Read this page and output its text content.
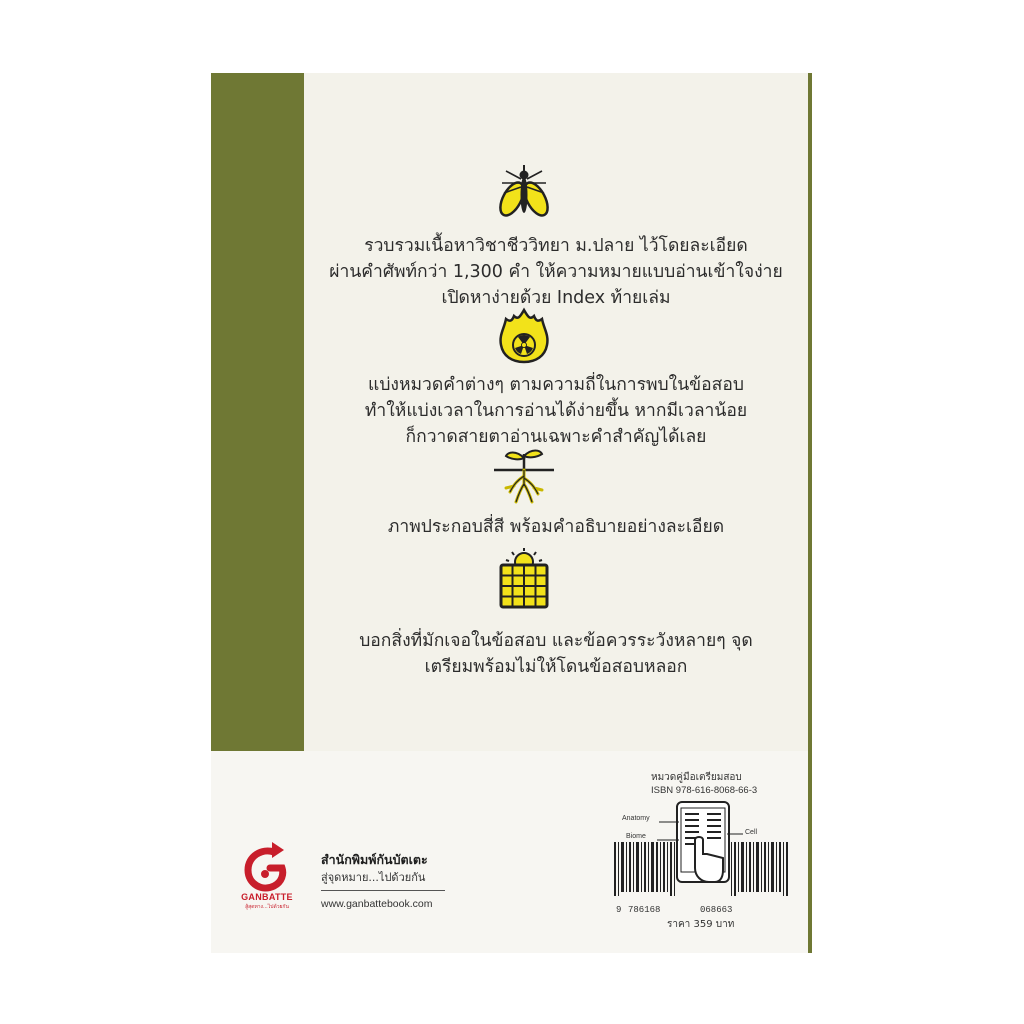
รวบรวมเนื้อหาวิชาชีววิทยา ม.ปลาย ไว้โดยละเอียด
ผ่านคำศัพท์กว่า 1,300 คำ ให้ความหมายแบบอ่านเข้าใจง่าย
เปิดหาง่ายด้วย Index ท้ายเล่ม
แบ่งหมวดคำต่างๆ ตามความถี่ในการพบในข้อสอบ
ทำให้แบ่งเวลาในการอ่านได้ง่ายขึ้น หากมีเวลาน้อย
ก็กวาดสายตาอ่านเฉพาะคำสำคัญได้เลย
ภาพประกอบสี่สี พร้อมคำอธิบายอย่างละเอียด
บอกสิ่งที่มักเจอในข้อสอบ และข้อควรระวังหลายๆ จุด
เตรียมพร้อมไม่ให้โดนข้อสอบหลอก
GANBATTE
สู้สุดทาง...ไปด้วยกัน
สำนักพิมพ์กันบัตเตะ
สู่จุดหมาย...ไปด้วยกัน
www.ganbattebook.com
หมวดคู่มือเตรียมสอบ
ISBN 978-616-8068-66-3
Anatomy
Biome
Cell
9 786168	068663
ราคา 359 บาท
